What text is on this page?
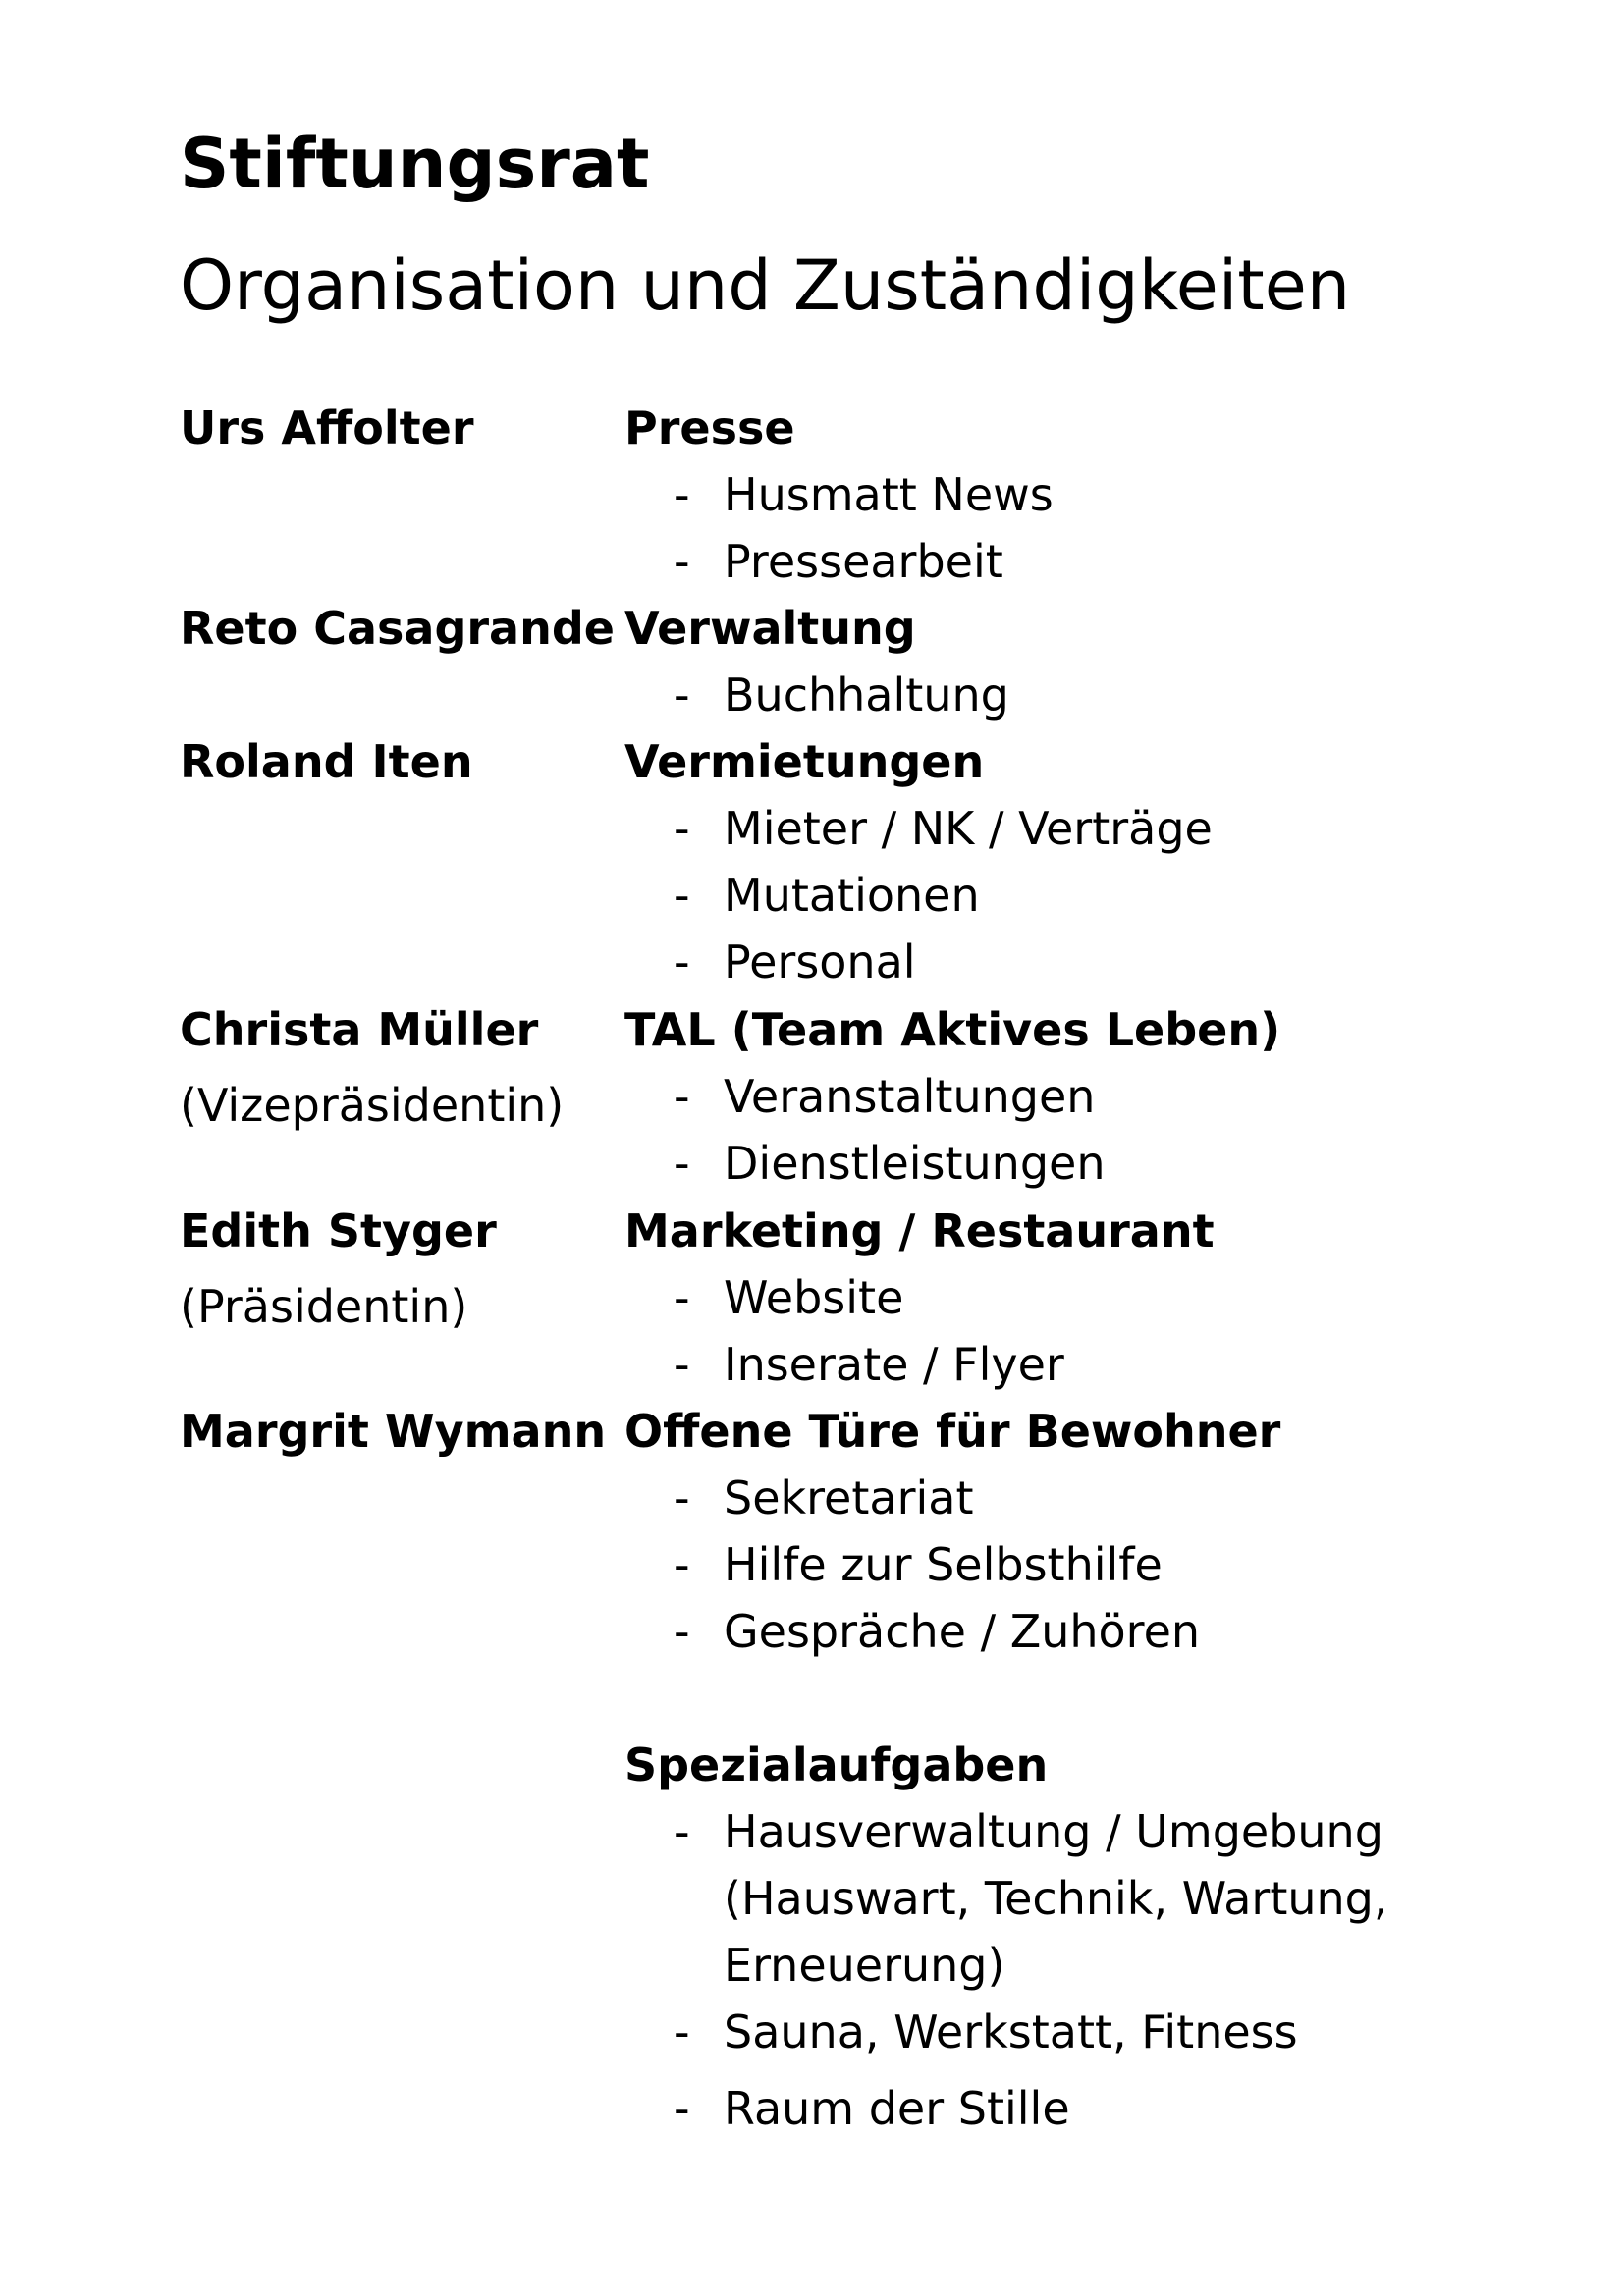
Stiftungsrat
Organisation und Zuständigkeiten
Urs Affolter	Presse
- Husmatt News
- Pressearbeit
Reto Casagrande Verwaltung
- Buchhaltung
Roland Iten	Vermietungen
- Mieter / NK / Verträge
- Mutationen
- Personal
Christa Müller
(Vizepräsidentin)
TAL (Team Aktives Leben)
- Veranstaltungen
- Dienstleistungen
Edith Styger
(Präsidentin)
Marketing / Restaurant
- Website
- Inserate / Flyer
Margrit Wymann Offene Türe für Bewohner
- Sekretariat
- Hilfe zur Selbsthilfe
- Gespräche / Zuhören
Spezialaufgaben
- Hausverwaltung / Umgebung
(Hauswart, Technik, Wartung,
Erneuerung)
- Sauna, Werkstatt, Fitness
- Raum der Stille
